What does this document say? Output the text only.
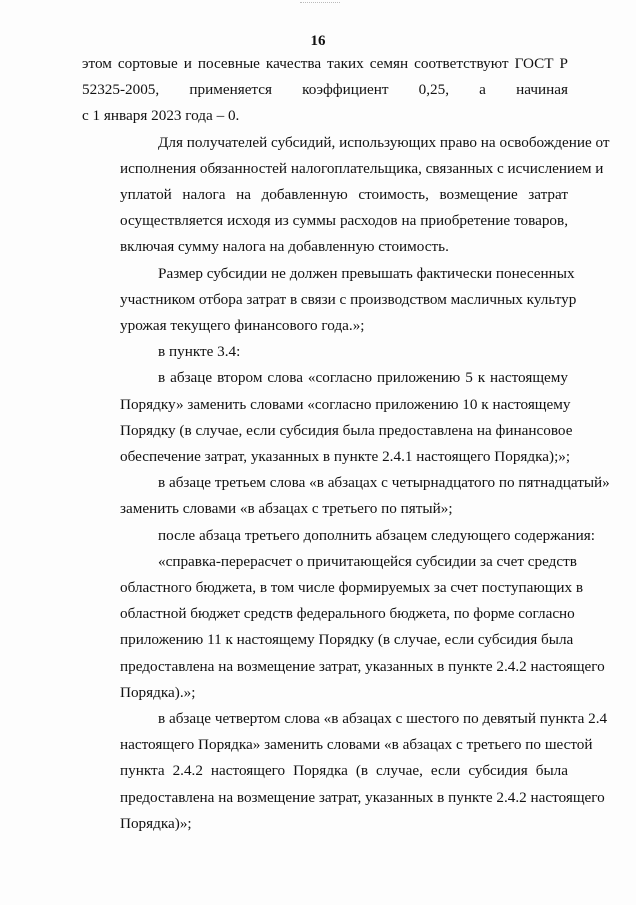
16
этом сортовые и посевные качества таких семян соответствуют ГОСТ Р
52325-2005, применяется коэффициент 0,25, а начиная
с 1 января 2023 года – 0.
Для получателей субсидий, использующих право на освобождение от
исполнения обязанностей налогоплательщика, связанных с исчислением и
уплатой налога на добавленную стоимость, возмещение затрат
осуществляется исходя из суммы расходов на приобретение товаров,
включая сумму налога на добавленную стоимость.
Размер субсидии не должен превышать фактически понесенных
участником отбора затрат в связи с производством масличных культур
урожая текущего финансового года.»;
в пункте 3.4:
в абзаце втором слова «согласно приложению 5 к настоящему
Порядку» заменить словами «согласно приложению 10 к настоящему
Порядку (в случае, если субсидия была предоставлена на финансовое
обеспечение затрат, указанных в пункте 2.4.1 настоящего Порядка);»;
в абзаце третьем слова «в абзацах с четырнадцатого по пятнадцатый»
заменить словами «в абзацах с третьего по пятый»;
после абзаца третьего дополнить абзацем следующего содержания:
«справка-перерасчет о причитающейся субсидии за счет средств
областного бюджета, в том числе формируемых за счет поступающих в
областной бюджет средств федерального бюджета, по форме согласно
приложению 11 к настоящему Порядку (в случае, если субсидия была
предоставлена на возмещение затрат, указанных в пункте 2.4.2 настоящего
Порядка).»;
в абзаце четвертом слова «в абзацах с шестого по девятый пункта 2.4
настоящего Порядка» заменить словами «в абзацах с третьего по шестой
пункта 2.4.2 настоящего Порядка (в случае, если субсидия была
предоставлена на возмещение затрат, указанных в пункте 2.4.2 настоящего
Порядка)»;
